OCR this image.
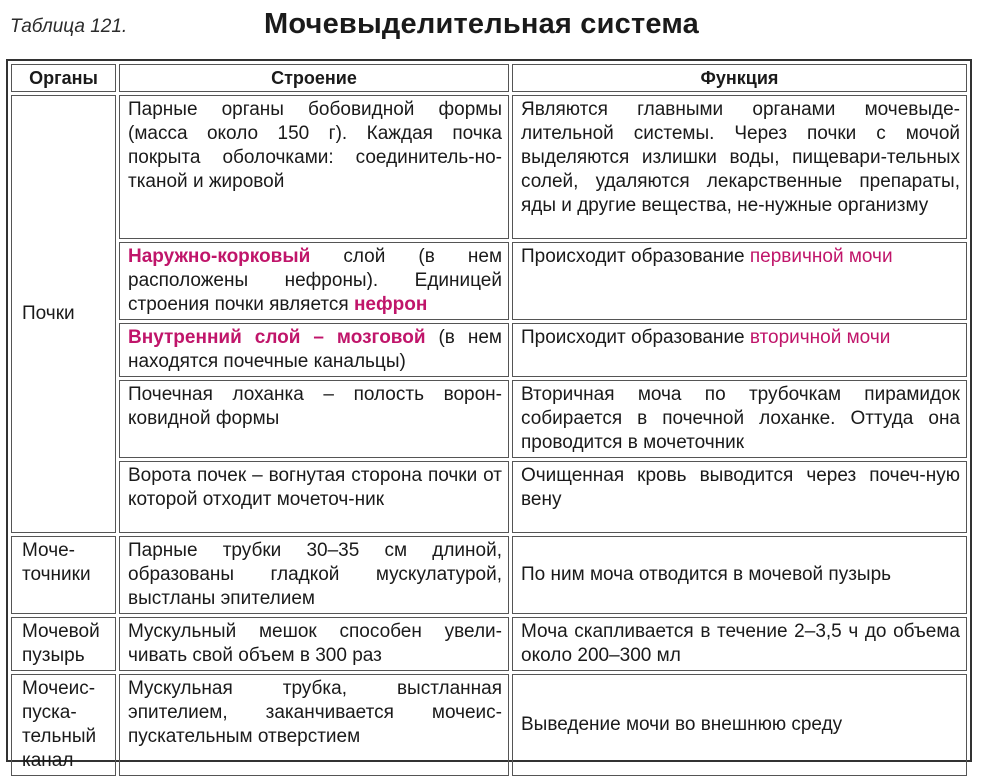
Таблица 121.	Мочевыделительная система
Органы	Строение	Функция
Почки	Парные органы бобовидной формы (масса около 150 г). Каждая почка покрыта оболочками: соединитель-но-тканой и жировой	Являются главными органами мочевыде-лительной системы. Через почки с мочой выделяются излишки воды, пищевари-тельных солей, удаляются лекарственные препараты, яды и другие вещества, не-нужные организму
	Наружно-корковый слой (в нем расположены нефроны). Единицей строения почки является нефрон	Происходит образование первичной мочи
	Внутренний слой – мозговой (в нем находятся почечные канальцы)	Происходит образование вторичной мочи
	Почечная лоханка – полость ворон-ковидной формы	Вторичная моча по трубочкам пирамидок собирается в почечной лоханке. Оттуда она проводится в мочеточник
	Ворота почек – вогнутая сторона почки от которой отходит мочеточ-ник	Очищенная кровь выводится через почеч-ную вену
Моче-точники	Парные трубки 30–35 см длиной, образованы гладкой мускулатурой, выстланы эпителием	По ним моча отводится в мочевой пузырь
Мочевой пузырь	Мускульный мешок способен увели-чивать свой объем в 300 раз	Моча скапливается в течение 2–3,5 ч до объема около 200–300 мл
Мочеис-пуска-тельный канал	Мускульная трубка, выстланная эпителием, заканчивается мочеис-пускательным отверстием	Выведение мочи во внешнюю среду
